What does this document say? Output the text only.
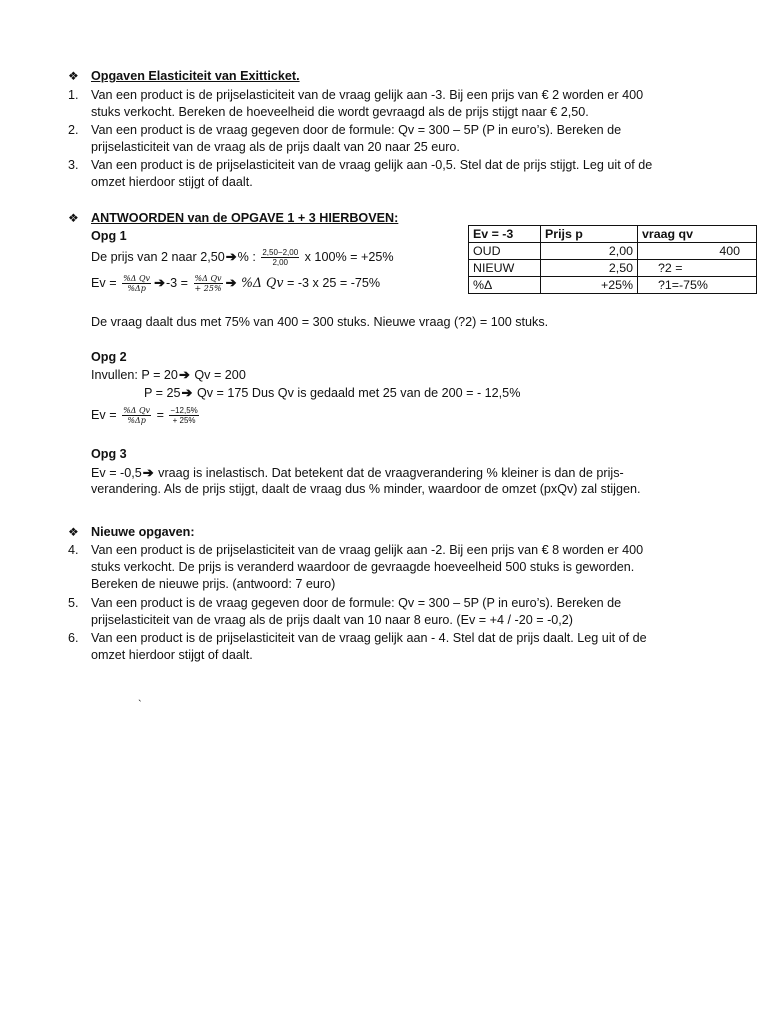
❖ Opgaven Elasticiteit van Exitticket.
1. Van een product is de prijselasticiteit van de vraag gelijk aan -3. Bij een prijs van € 2 worden er 400
stuks verkocht. Bereken de hoeveelheid die wordt gevraagd als de prijs stijgt naar € 2,50.
2. Van een product is de vraag gegeven door de formule: Qv = 300 – 5P (P in euro’s). Bereken de
prijselasticiteit van de vraag als de prijs daalt van 20 naar 25 euro.
3. Van een product is de prijselasticiteit van de vraag gelijk aan -0,5. Stel dat de prijs stijgt. Leg uit of de
omzet hierdoor stijgt of daalt.
❖ ANTWOORDEN van de OPGAVE 1 + 3 HIERBOVEN:
Opg 1
De prijs van 2 naar 2,50➔% : $\frac{2,50-2,00}{2,00}$ x 100% = +25%
$Ev = \frac{\text{\%Δ Qv}}{\%\Delta p}$ ➔-3 = $\frac{\text{\%Δ Qv}}{+ 25\%}$ ➔ %Δ Qv = -3 x 25 = -75%
Ev = -3	Prijs p	vraag qv
OUD	2,00	400
NIEUW	2,50	?2 =
%Δ	+25%	?1=-75%
De vraag daalt dus met 75% van 400 = 300 stuks. Nieuwe vraag (?2) = 100 stuks.
Opg 2
Invullen: P = 20➔ Qv = 200
P = 25➔ Qv = 175 Dus Qv is gedaald met 25 van de 200 = - 12,5%
$Ev = \frac{\text{\%Δ Qv}}{\%\Delta p} = \frac{-12,5\%}{+ 25\%}$
Opg 3
Ev = -0,5➔ vraag is inelastisch. Dat betekent dat de vraagverandering % kleiner is dan de prijs-
verandering. Als de prijs stijgt, daalt de vraag dus % minder, waardoor de omzet (pxQv) zal stijgen.
❖ Nieuwe opgaven:
4. Van een product is de prijselasticiteit van de vraag gelijk aan -2. Bij een prijs van € 8 worden er 400
stuks verkocht. De prijs is veranderd waardoor de gevraagde hoeveelheid 500 stuks is geworden.
Bereken de nieuwe prijs. (antwoord: 7 euro)
5. Van een product is de vraag gegeven door de formule: Qv = 300 – 5P (P in euro’s). Bereken de
prijselasticiteit van de vraag als de prijs daalt van 10 naar 8 euro. (Ev = +4 / -20 = -0,2)
6. Van een product is de prijselasticiteit van de vraag gelijk aan - 4. Stel dat de prijs daalt. Leg uit of de
omzet hierdoor stijgt of daalt.
`
